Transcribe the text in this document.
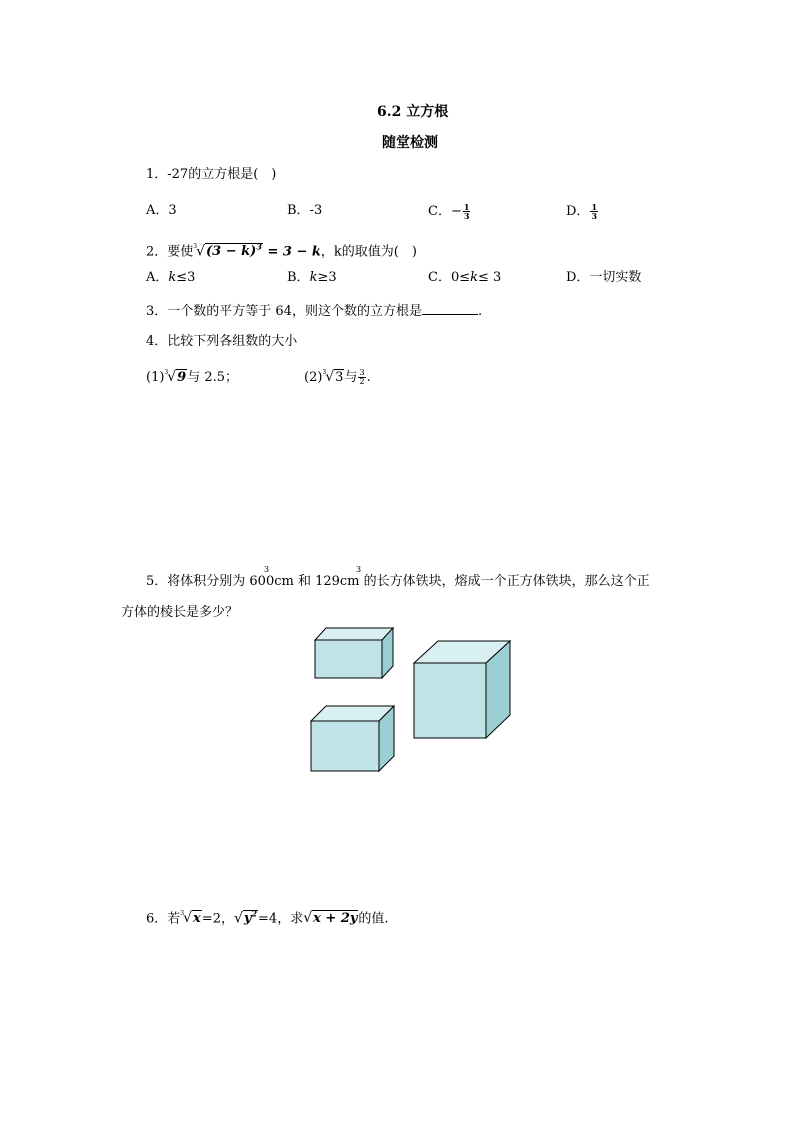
6.2 立方根
随堂检测
1．-27的立方根是(　)
A．3	B．-3	C．− $\frac{1}{3}$	D． $\frac{1}{3}$
2．要使$^3√(3 - k)^3 = 3 - k$，k的取值为(　)
A．k≤3	B．k≥3	C．0≤k≤ 3	D．一切实数
3．一个数的平方等于 64，则这个数的立方根是	.
4．比较下列各组数的大小
$(1)^3√9$与 2.5；	$(2)^3√3$与 $\frac{3}{2}$ .
3	3
5．将体积分别为 600cm 和 129cm 的长方体铁块，熔成一个正方体铁块，那么这个正
方体的棱长是多少？
6．若$^3$√x=2，$√y^2=4$，求√x + 2y的值.
